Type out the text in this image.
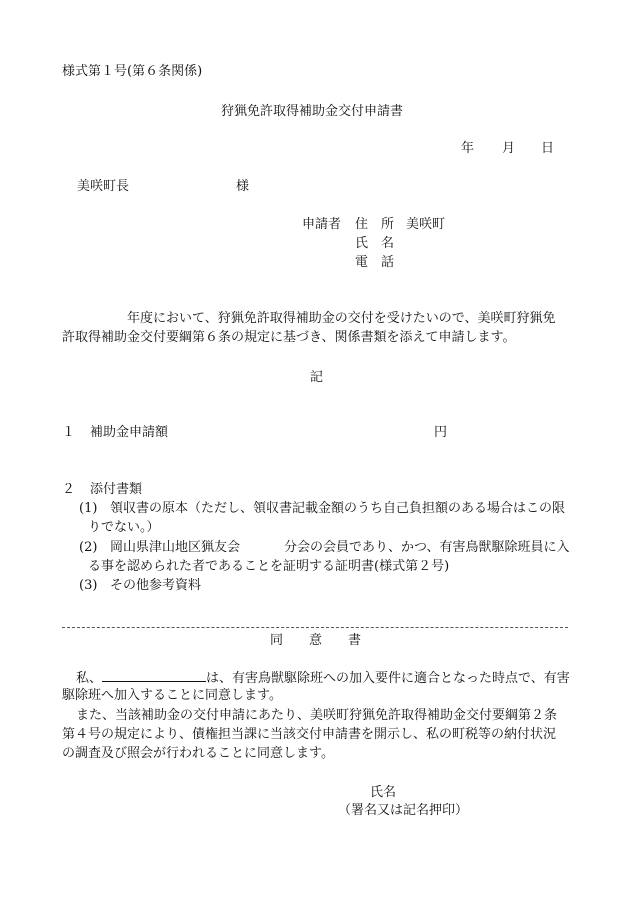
様式第１号(第６条関係)
狩猟免許取得補助金交付申請書
年 月 日
美咲町長	様
申請者 住　所 美咲町
氏　名
電　話
年度において、狩猟免許取得補助金の交付を受けたいので、美咲町狩猟免
許取得補助金交付要綱第６条の規定に基づき、関係書類を添えて申請します。
記
１ 補助金申請額	円
２ 添付書類
(1) 領収書の原本（ただし、領収書記載金額のうち自己負担額のある場合はこの限
りでない。）
(2) 岡山県津山地区猟友会	分会の会員であり、かつ、有害鳥獣駆除班員に入
る事を認められた者であることを証明する証明書(様式第２号)
(3) その他参考資料
同　　意　　書
私、	は、有害鳥獣駆除班への加入要件に適合となった時点で、有害
駆除班へ加入することに同意します。
また、当該補助金の交付申請にあたり、美咲町狩猟免許取得補助金交付要綱第２条
第４号の規定により、債権担当課に当該交付申請書を開示し、私の町税等の納付状況
の調査及び照会が行われることに同意します。
氏名
（署名又は記名押印）
